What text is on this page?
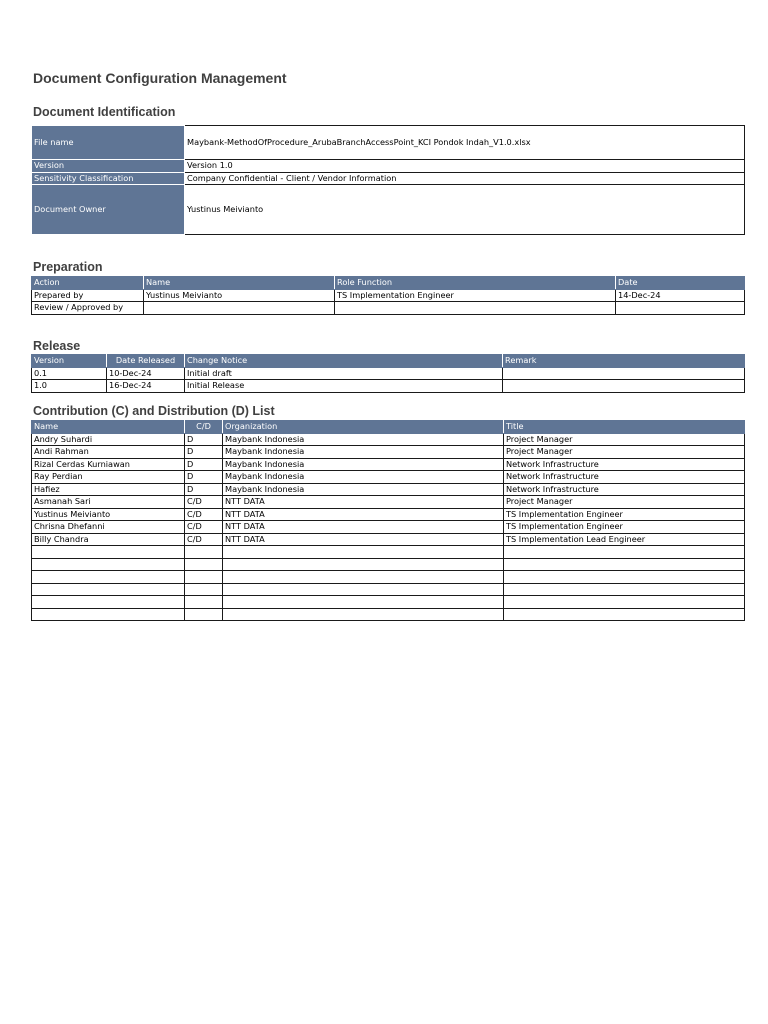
Document Configuration Management
Document Identification
File name	Maybank-MethodOfProcedure_ArubaBranchAccessPoint_KCI Pondok Indah_V1.0.xlsx
Version	Version 1.0
Sensitivity Classification	Company Confidential - Client / Vendor Information
Document Owner	Yustinus Meivianto
Preparation
Action	Name	Role Function	Date
Prepared by	Yustinus Meivianto	TS Implementation Engineer	14-Dec-24
Review / Approved by			
Release
Version	Date Released	Change Notice	Remark
0.1	10-Dec-24	Initial draft	
1.0	16-Dec-24	Initial Release	
Contribution (C) and Distribution (D) List
Name	C/D	Organization	Title
Andry Suhardi	D	Maybank Indonesia	Project Manager
Andi Rahman	D	Maybank Indonesia	Project Manager
Rizal Cerdas Kurniawan	D	Maybank Indonesia	Network Infrastructure
Ray Perdian	D	Maybank Indonesia	Network Infrastructure
Hafiez	D	Maybank Indonesia	Network Infrastructure
Asmanah Sari	C/D	NTT DATA	Project Manager
Yustinus Meivianto	C/D	NTT DATA	TS Implementation Engineer
Chrisna Dhefanni	C/D	NTT DATA	TS Implementation Engineer
Billy Chandra	C/D	NTT DATA	TS Implementation Lead Engineer
